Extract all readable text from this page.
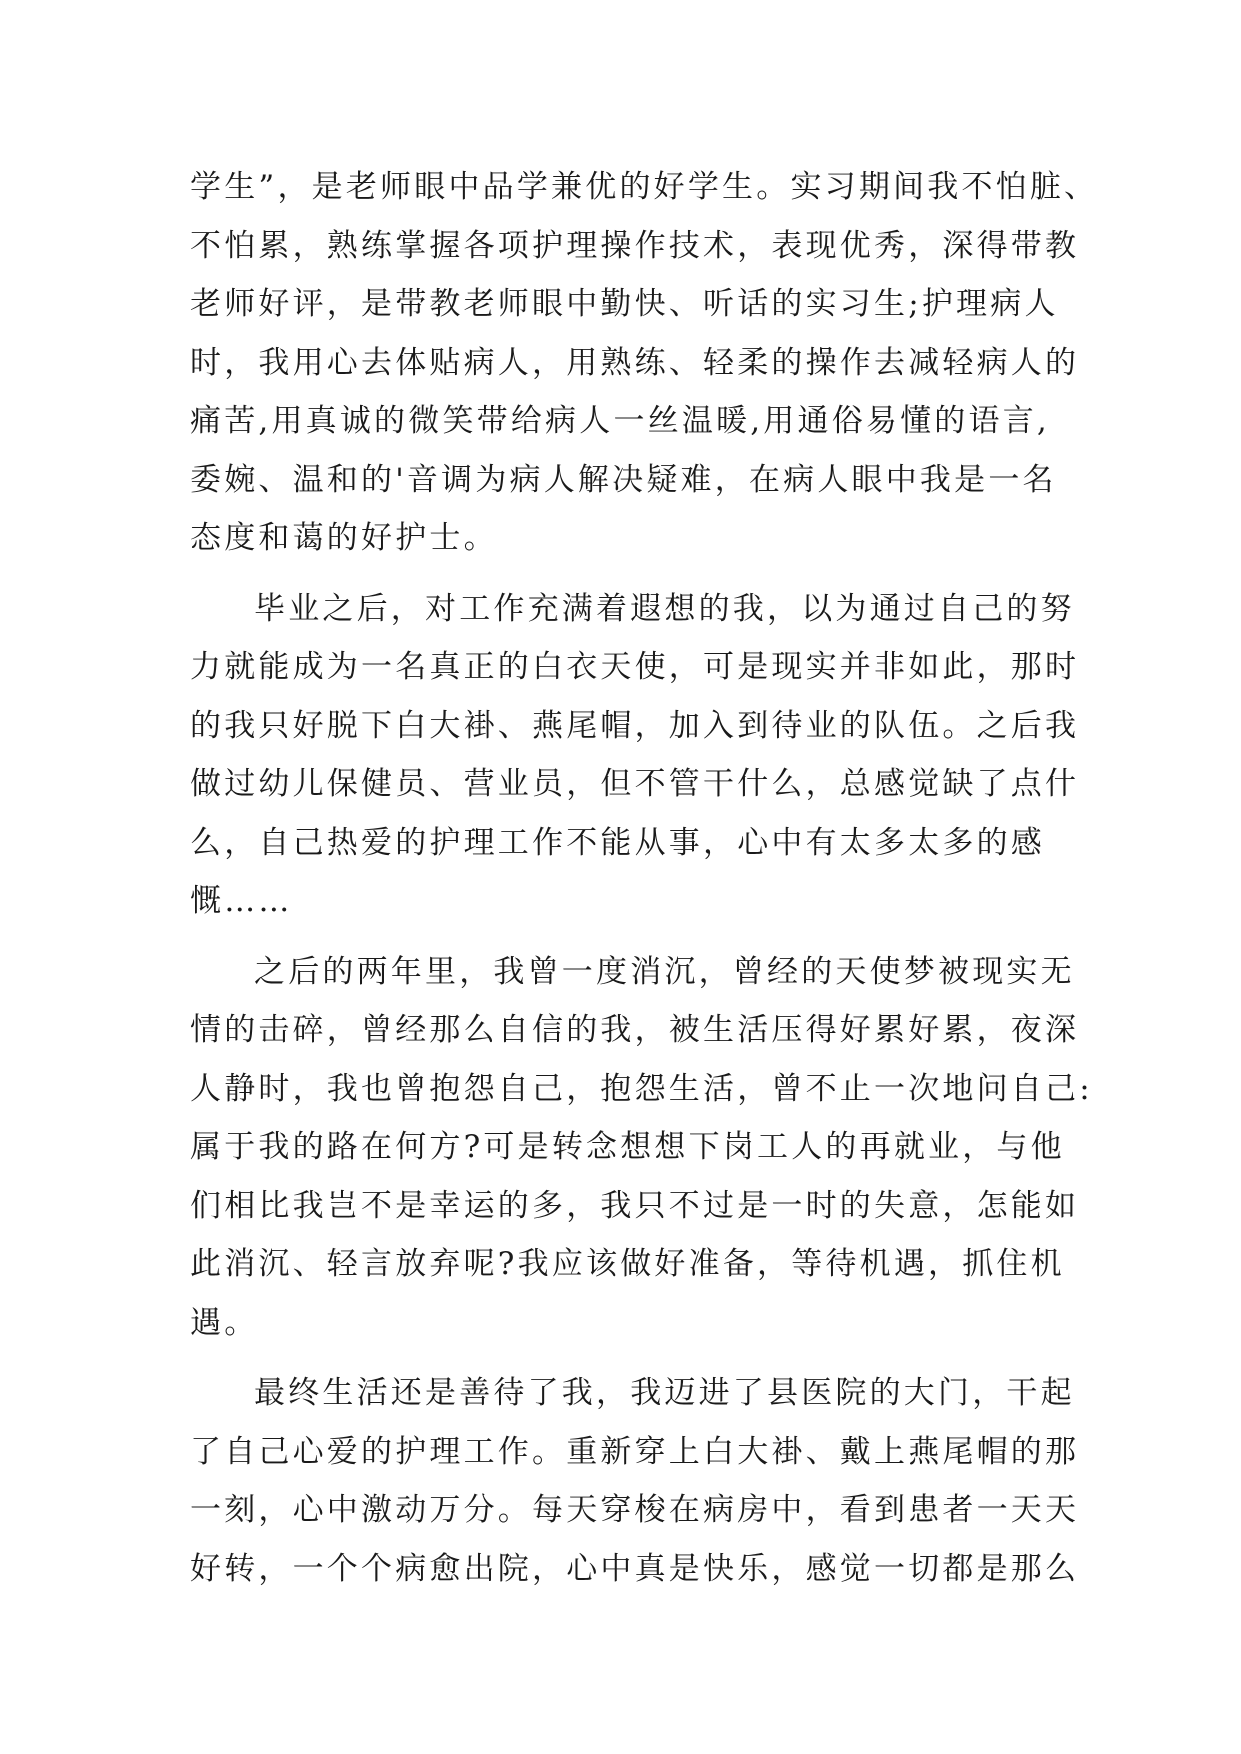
学生”，是老师眼中品学兼优的好学生。实习期间我不怕脏、
不怕累，熟练掌握各项护理操作技术，表现优秀，深得带教
老师好评，是带教老师眼中勤快、听话的实习生;护理病人
时，我用心去体贴病人，用熟练、轻柔的操作去减轻病人的
痛苦,用真诚的微笑带给病人一丝温暖,用通俗易懂的语言,
委婉、温和的'音调为病人解决疑难，在病人眼中我是一名
态度和蔼的好护士。
毕业之后，对工作充满着遐想的我，以为通过自己的努
力就能成为一名真正的白衣天使，可是现实并非如此，那时
的我只好脱下白大褂、燕尾帽，加入到待业的队伍。之后我
做过幼儿保健员、营业员，但不管干什么，总感觉缺了点什
么，自己热爱的护理工作不能从事，心中有太多太多的感
慨……
之后的两年里，我曾一度消沉，曾经的天使梦被现实无
情的击碎，曾经那么自信的我，被生活压得好累好累，夜深
人静时，我也曾抱怨自己，抱怨生活，曾不止一次地问自己:
属于我的路在何方?可是转念想想下岗工人的再就业，与他
们相比我岂不是幸运的多，我只不过是一时的失意，怎能如
此消沉、轻言放弃呢?我应该做好准备，等待机遇，抓住机
遇。
最终生活还是善待了我，我迈进了县医院的大门，干起
了自己心爱的护理工作。重新穿上白大褂、戴上燕尾帽的那
一刻，心中激动万分。每天穿梭在病房中，看到患者一天天
好转，一个个病愈出院，心中真是快乐，感觉一切都是那么
